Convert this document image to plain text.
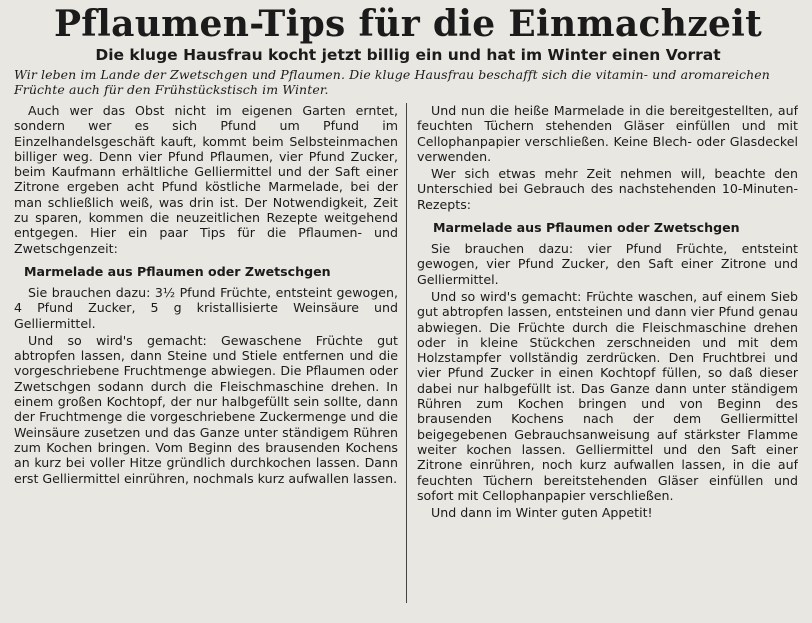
Pflaumen-Tips für die Einmachzeit
Die kluge Hausfrau kocht jetzt billig ein und hat im Winter einen Vorrat

Wir leben im Lande der Zwetschgen und Pflaumen. Die kluge Hausfrau beschafft sich die vitamin- und aromareichen Früchte auch für den Frühstückstisch im Winter.

Auch wer das Obst nicht im eigenen Garten erntet, sondern wer es sich Pfund um Pfund im Einzelhandelsgeschäft kauft, kommt beim Selbsteinmachen billiger weg. Denn vier Pfund Pflaumen, vier Pfund Zucker, beim Kaufmann erhältliche Gelliermittel und der Saft einer Zitrone ergeben acht Pfund köstliche Marmelade, bei der man schließlich weiß, was drin ist. Der Notwendigkeit, Zeit zu sparen, kommen die neuzeitlichen Rezepte weitgehend entgegen. Hier ein paar Tips für die Pflaumen- und Zwetschgenzeit:

Marmelade aus Pflaumen oder Zwetschgen

Sie brauchen dazu: 3½ Pfund Früchte, entsteint gewogen, 4 Pfund Zucker, 5 g kristallisierte Weinsäure und Gelliermittel.

Und so wird's gemacht: Gewaschene Früchte gut abtropfen lassen, dann Steine und Stiele entfernen und die vorgeschriebene Fruchtmenge abwiegen. Die Pflaumen oder Zwetschgen sodann durch die Fleischmaschine drehen. In einem großen Kochtopf, der nur halbgefüllt sein sollte, dann der Fruchtmenge die vorgeschriebene Zuckermenge und die Weinsäure zusetzen und das Ganze unter ständigem Rühren zum Kochen bringen. Vom Beginn des brausenden Kochens an kurz bei voller Hitze gründlich durchkochen lassen. Dann erst Gelliermittel einrühren, nochmals kurz aufwallen lassen.

Und nun die heiße Marmelade in die bereitgestellten, auf feuchten Tüchern stehenden Gläser einfüllen und mit Cellophanpapier verschließen. Keine Blech- oder Glasdeckel verwenden.

Wer sich etwas mehr Zeit nehmen will, beachte den Unterschied bei Gebrauch des nachstehenden 10-Minuten-Rezepts:

Marmelade aus Pflaumen oder Zwetschgen

Sie brauchen dazu: vier Pfund Früchte, entsteint gewogen, vier Pfund Zucker, den Saft einer Zitrone und Gelliermittel.

Und so wird's gemacht: Früchte waschen, auf einem Sieb gut abtropfen lassen, entsteinen und dann vier Pfund genau abwiegen. Die Früchte durch die Fleischmaschine drehen oder in kleine Stückchen zerschneiden und mit dem Holzstampfer vollständig zerdrücken. Den Fruchtbrei und vier Pfund Zucker in einen Kochtopf füllen, so daß dieser dabei nur halbgefüllt ist. Das Ganze dann unter ständigem Rühren zum Kochen bringen und von Beginn des brausenden Kochens nach der dem Gelliermittel beigegebenen Gebrauchsanweisung auf stärkster Flamme weiter kochen lassen. Gelliermittel und den Saft einer Zitrone einrühren, noch kurz aufwallen lassen, in die auf feuchten Tüchern bereitstehenden Gläser einfüllen und sofort mit Cellophanpapier verschließen.

Und dann im Winter guten Appetit!
